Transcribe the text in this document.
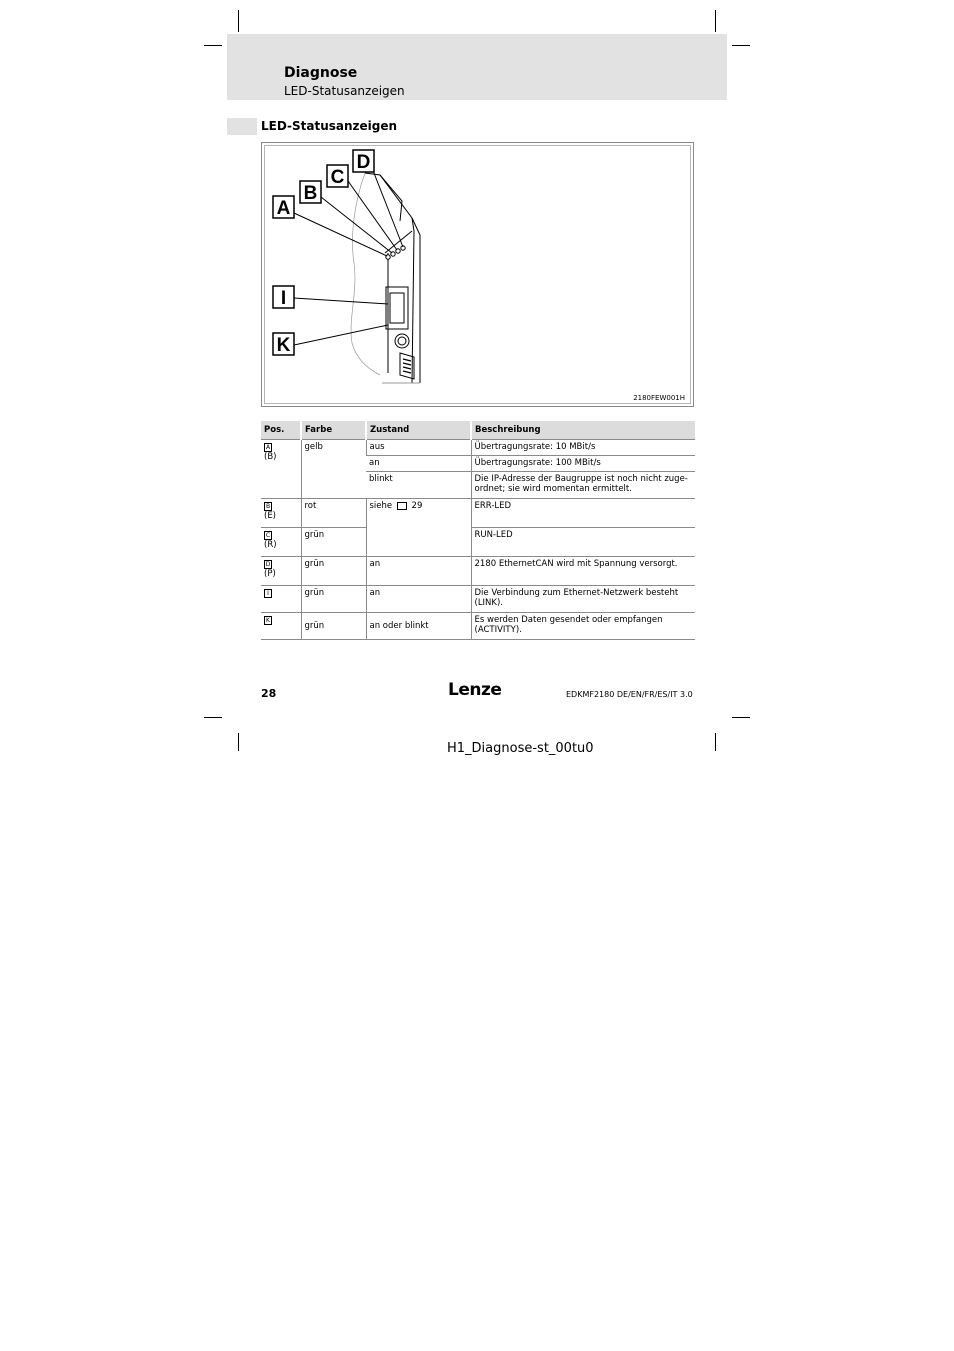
Diagnose
LED-Statusanzeigen
LED-Statusanzeigen
A
B
C
D
I
K
2180FEW001H
Pos.	Farbe	Zustand	Beschreibung
A
(B)	gelb	aus	Übertragungsrate: 10 MBit/s
		an	Übertragungsrate: 100 MBit/s
		blinkt	Die IP-Adresse der Baugruppe ist noch nicht zuge-ordnet; sie wird momentan ermittelt.
B
(E)	rot	siehe 29	ERR-LED
C
(R)	grün		RUN-LED
D
(P)	grün	an	2180 EthernetCAN wird mit Spannung versorgt.
I	grün	an	Die Verbindung zum Ethernet-Netzwerk besteht (LINK).
K	grün	an oder blinkt	Es werden Daten gesendet oder empfangen (ACTIVITY).
28	Lenze	EDKMF2180 DE/EN/FR/ES/IT 3.0
H1_Diagnose-st_00tu0
